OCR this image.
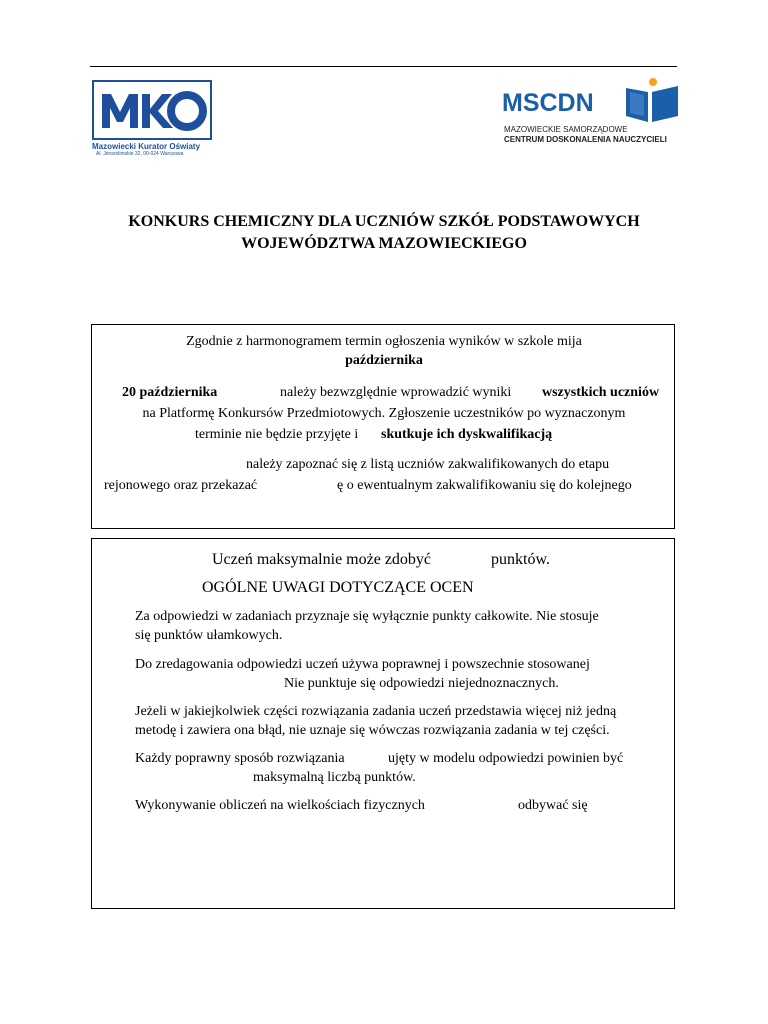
Mazowiecki Kurator Oświaty
Al. Jerozolimskie 32, 00-024 Warszawa
MSCDN
MAZOWIECKIE SAMORZĄDOWE
CENTRUM DOSKONALENIA NAUCZYCIELI
KONKURS CHEMICZNY DLA UCZNIÓW SZKÓŁ PODSTAWOWYCH
WOJEWÓDZTWA MAZOWIECKIEGO
Zgodnie z harmonogramem termin ogłoszenia wyników w szkole mija
października
20 października	należy bezwzględnie wprowadzić wyniki wszystkich uczniów
na Platformę Konkursów Przedmiotowych. Zgłoszenie uczestników po wyznaczonym
terminie nie będzie przyjęte i skutkuje ich dyskwalifikacją
należy zapoznać się z listą uczniów zakwalifikowanych do etapu
rejonowego oraz przekazać	ę o ewentualnym zakwalifikowaniu się do kolejnego
Uczeń maksymalnie może zdobyć	punktów.
OGÓLNE UWAGI DOTYCZĄCE OCEN
Za odpowiedzi w zadaniach przyznaje się wyłącznie punkty całkowite. Nie stosuje
się punktów ułamkowych.
Do zredagowania odpowiedzi uczeń używa poprawnej i powszechnie stosowanej
Nie punktuje się odpowiedzi niejednoznacznych.
Jeżeli w jakiejkolwiek części rozwiązania zadania uczeń przedstawia więcej niż jedną
metodę i zawiera ona błąd, nie uznaje się wówczas rozwiązania zadania w tej części.
Każdy poprawny sposób rozwiązania	ujęty w modelu odpowiedzi powinien być
maksymalną liczbą punktów.
Wykonywanie obliczeń na wielkościach fizycznych	odbywać się
